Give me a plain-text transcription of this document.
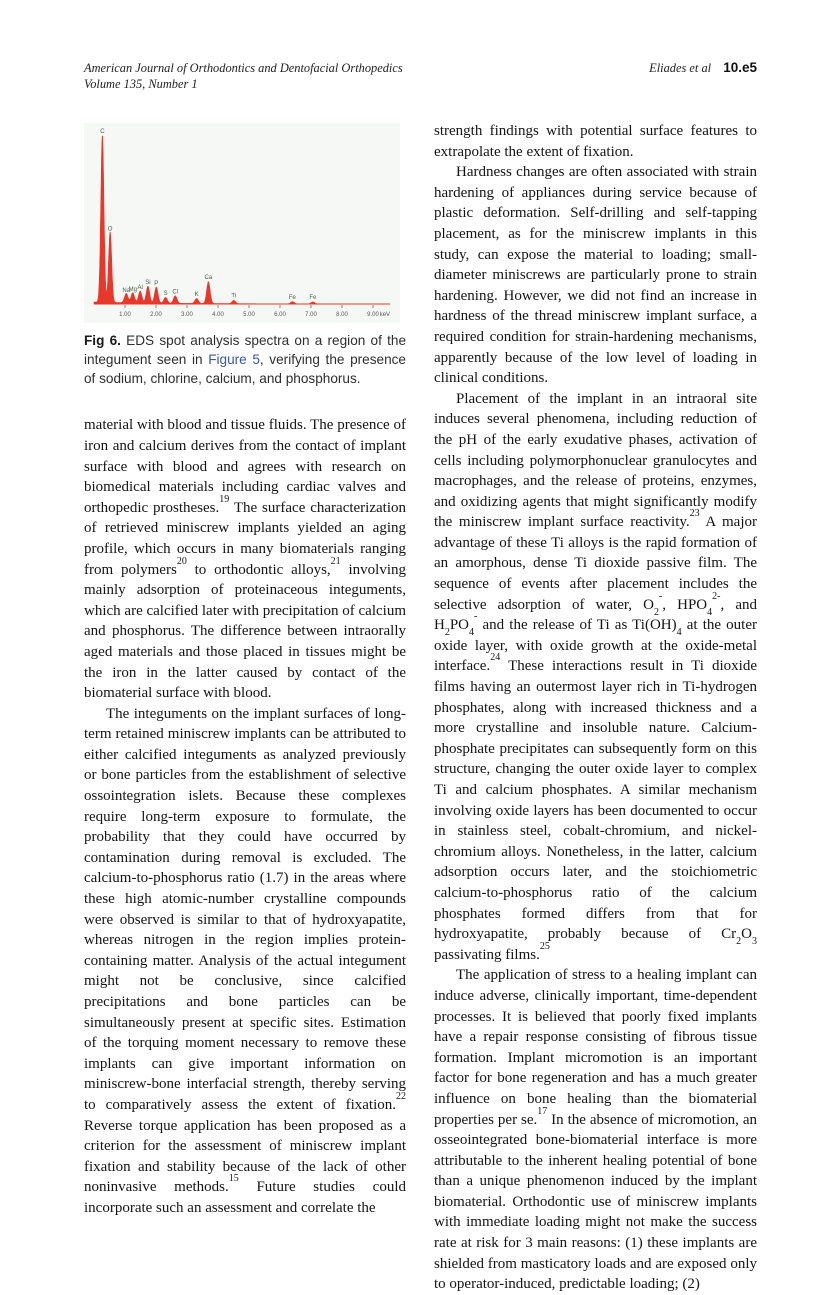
American Journal of Orthodontics and Dentofacial Orthopedics
Volume 135, Number 1
Eliades et al 10.e5
1.00	2.00	3.00	4.00	5.00	6.00	7.00	8.00	9.00 keV
C
O
Na
Mg Al
Si P
S Cl	K
Ca
Ti	Fe Fe
Fig 6. EDS spot analysis spectra on a region of the integument seen in Figure 5, verifying the presence of sodium, chlorine, calcium, and phosphorus.

material with blood and tissue fluids. The presence of iron and calcium derives from the contact of implant surface with blood and agrees with research on biomedical materials including cardiac valves and orthopedic prostheses.$^{19}$ The surface characterization of retrieved miniscrew implants yielded an aging profile, which occurs in many biomaterials ranging from polymers$^{20}$ to orthodontic alloys,$^{21}$ involving mainly adsorption of proteinaceous integuments, which are calcified later with precipitation of calcium and phosphorus. The difference between intraorally aged materials and those placed in tissues might be the iron in the latter caused by contact of the biomaterial surface with blood.

The integuments on the implant surfaces of long-term retained miniscrew implants can be attributed to either calcified integuments as analyzed previously or bone particles from the establishment of selective ossointegration islets. Because these complexes require long-term exposure to formulate, the probability that they could have occurred by contamination during removal is excluded. The calcium-to-phosphorus ratio (1.7) in the areas where these high atomic-number crystalline compounds were observed is similar to that of hydroxyapatite, whereas nitrogen in the region implies protein-containing matter. Analysis of the actual integument might not be conclusive, since calcified precipitations and bone particles can be simultaneously present at specific sites. Estimation of the torquing moment necessary to remove these implants can give important information on miniscrew-bone interfacial strength, thereby serving to comparatively assess the extent of fixation.$^{22}$ Reverse torque application has been proposed as a criterion for the assessment of miniscrew implant fixation and stability because of the lack of other noninvasive methods.$^{15}$ Future studies could incorporate such an assessment and correlate the

strength findings with potential surface features to extrapolate the extent of fixation.

Hardness changes are often associated with strain hardening of appliances during service because of plastic deformation. Self-drilling and self-tapping placement, as for the miniscrew implants in this study, can expose the material to loading; small-diameter miniscrews are particularly prone to strain hardening. However, we did not find an increase in hardness of the thread miniscrew implant surface, a required condition for strain-hardening mechanisms, apparently because of the low level of loading in clinical conditions.

Placement of the implant in an intraoral site induces several phenomena, including reduction of the pH of the early exudative phases, activation of cells including polymorphonuclear granulocytes and macrophages, and the release of proteins, enzymes, and oxidizing agents that might significantly modify the miniscrew implant surface reactivity.$^{23}$ A major advantage of these Ti alloys is the rapid formation of an amorphous, dense Ti dioxide passive film. The sequence of events after placement includes the selective adsorption of water, $O_2^-$, $HPO_4^{2-}$, and $H_2PO_4^-$ and the release of Ti as $Ti(OH)_4$ at the outer oxide layer, with oxide growth at the oxide-metal interface.$^{24}$ These interactions result in Ti dioxide films having an outermost layer rich in Ti-hydrogen phosphates, along with increased thickness and a more crystalline and insoluble nature. Calcium-phosphate precipitates can subsequently form on this structure, changing the outer oxide layer to complex Ti and calcium phosphates. A similar mechanism involving oxide layers has been documented to occur in stainless steel, cobalt-chromium, and nickel-chromium alloys. Nonetheless, in the latter, calcium adsorption occurs later, and the stoichiometric calcium-to-phosphorus ratio of the calcium phosphates formed differs from that for hydroxyapatite, probably because of $Cr_2O_3$ passivating films.$^{25}$

The application of stress to a healing implant can induce adverse, clinically important, time-dependent processes. It is believed that poorly fixed implants have a repair response consisting of fibrous tissue formation. Implant micromotion is an important factor for bone regeneration and has a much greater influence on bone healing than the biomaterial properties per se.$^{17}$ In the absence of micromotion, an osseointegrated bone-biomaterial interface is more attributable to the inherent healing potential of bone than a unique phenomenon induced by the implant biomaterial. Orthodontic use of miniscrew implants with immediate loading might not make the success rate at risk for 3 main reasons: (1) these implants are shielded from masticatory loads and are exposed only to operator-induced, predictable loading; (2)
